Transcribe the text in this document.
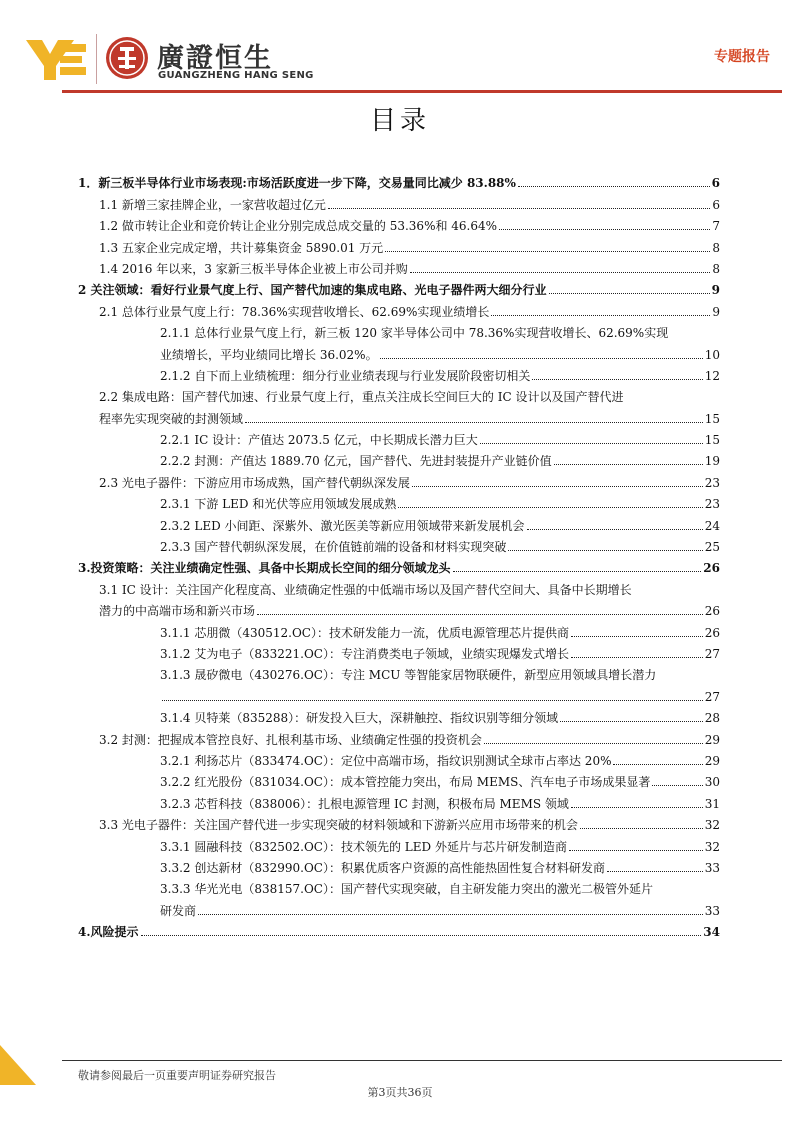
廣證恒生
GUANGZHENG HANG SENG
专题报告
目录
1．新三板半导体行业市场表现:市场活跃度进一步下降，交易量同比减少 83.88%	6
1.1 新增三家挂牌企业，一家营收超过亿元	6
1.2 做市转让企业和竞价转让企业分别完成总成交量的 53.36%和 46.64%	7
1.3 五家企业完成定增，共计募集资金 5890.01 万元	8
1.4 2016 年以来，3 家新三板半导体企业被上市公司并购	8
2 关注领域：看好行业景气度上行、国产替代加速的集成电路、光电子器件两大细分行业	9
2.1 总体行业景气度上行：78.36%实现营收增长、62.69%实现业绩增长	9
2.1.1 总体行业景气度上行，新三板 120 家半导体公司中 78.36%实现营收增长、62.69%实现
业绩增长，平均业绩同比增长 36.02%。	10
2.1.2 自下而上业绩梳理：细分行业业绩表现与行业发展阶段密切相关	12
2.2 集成电路：国产替代加速、行业景气度上行，重点关注成长空间巨大的 IC 设计以及国产替代进
程率先实现突破的封测领域	15
2.2.1 IC 设计：产值达 2073.5 亿元，中长期成长潜力巨大	15
2.2.2 封测：产值达 1889.70 亿元，国产替代、先进封装提升产业链价值	19
2.3 光电子器件：下游应用市场成熟，国产替代朝纵深发展	23
2.3.1 下游 LED 和光伏等应用领域发展成熟	23
2.3.2 LED 小间距、深紫外、激光医美等新应用领域带来新发展机会	24
2.3.3 国产替代朝纵深发展，在价值链前端的设备和材料实现突破	25
3.投资策略：关注业绩确定性强、具备中长期成长空间的细分领域龙头	26
3.1 IC 设计：关注国产化程度高、业绩确定性强的中低端市场以及国产替代空间大、具备中长期增长
潜力的中高端市场和新兴市场	26
3.1.1 芯朋微（430512.OC）：技术研发能力一流，优质电源管理芯片提供商	26
3.1.2 艾为电子（833221.OC）：专注消费类电子领域，业绩实现爆发式增长	27
3.1.3 晟矽微电（430276.OC）：专注 MCU 等智能家居物联硬件，新型应用领域具增长潜力
27
3.1.4 贝特莱（835288）：研发投入巨大，深耕触控、指纹识别等细分领域	28
3.2 封测：把握成本管控良好、扎根利基市场、业绩确定性强的投资机会	29
3.2.1 利扬芯片（833474.OC）：定位中高端市场，指纹识别测试全球市占率达 20%	29
3.2.2 红光股份（831034.OC）：成本管控能力突出，布局 MEMS、汽车电子市场成果显著	30
3.2.3 芯哲科技（838006）：扎根电源管理 IC 封测，积极布局 MEMS 领域	31
3.3 光电子器件：关注国产替代进一步实现突破的材料领域和下游新兴应用市场带来的机会	32
3.3.1 圆融科技（832502.OC）：技术领先的 LED 外延片与芯片研发制造商	32
3.3.2 创达新材（832990.OC）：积累优质客户资源的高性能热固性复合材料研发商	33
3.3.3 华光光电（838157.OC）：国产替代实现突破，自主研发能力突出的激光二极管外延片
研发商	33
4.风险提示	34
敬请参阅最后一页重要声明证券研究报告
第3页共36页
